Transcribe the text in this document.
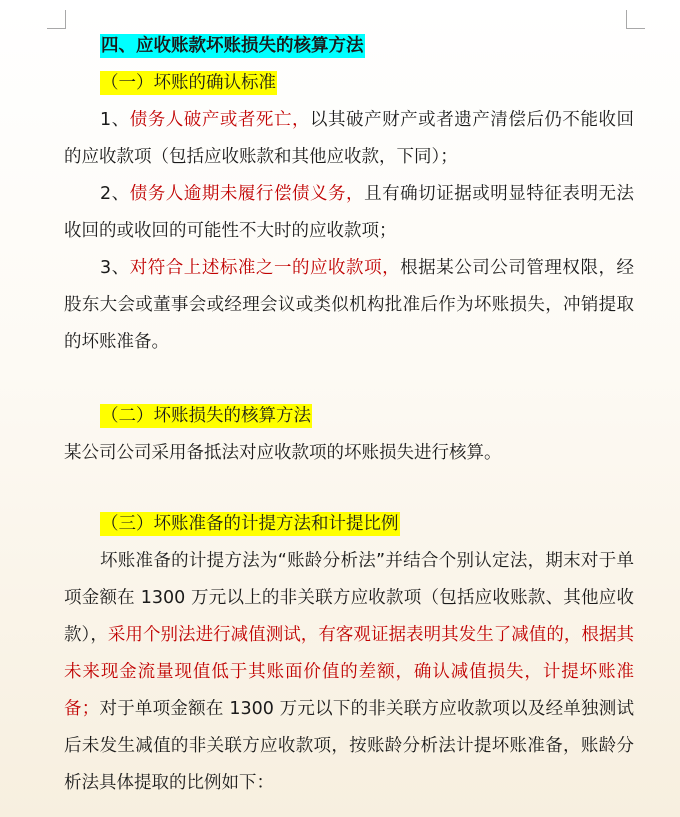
四、应收账款坏账损失的核算方法

（一）坏账的确认标准

1、债务人破产或者死亡，以其破产财产或者遗产清偿后仍不能收回的应收款项（包括应收账款和其他应收款，下同）；

2、债务人逾期未履行偿债义务，且有确切证据或明显特征表明无法收回的或收回的可能性不大时的应收款项；

3、对符合上述标准之一的应收款项，根据某公司公司管理权限，经股东大会或董事会或经理会议或类似机构批准后作为坏账损失，冲销提取的坏账准备。

（二）坏账损失的核算方法

某公司公司采用备抵法对应收款项的坏账损失进行核算。

（三）坏账准备的计提方法和计提比例

坏账准备的计提方法为“账龄分析法”并结合个别认定法，期末对于单项金额在 1300 万元以上的非关联方应收款项（包括应收账款、其他应收款），采用个别法进行减值测试，有客观证据表明其发生了减值的，根据其未来现金流量现值低于其账面价值的差额，确认减值损失，计提坏账准备；对于单项金额在 1300 万元以下的非关联方应收款项以及经单独测试后未发生减值的非关联方应收款项，按账龄分析法计提坏账准备，账龄分析法具体提取的比例如下：
